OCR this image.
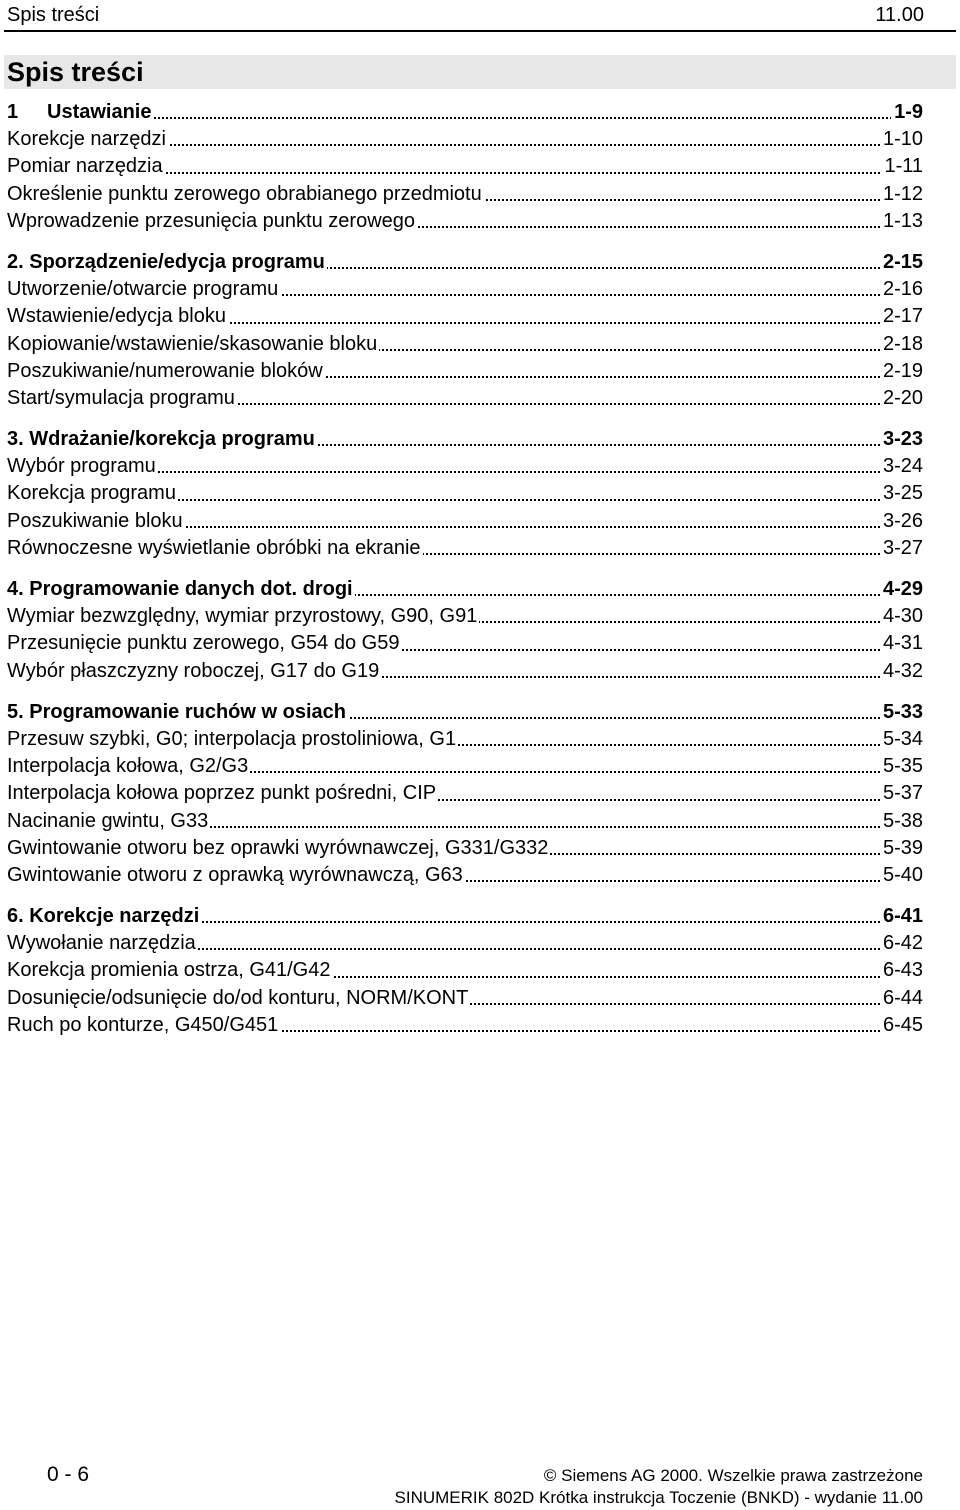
Spis treści	11.00
Spis treści
1 Ustawianie	1-9
Korekcje narzędzi	1-10
Pomiar narzędzia	1-11
Określenie punktu zerowego obrabianego przedmiotu	1-12
Wprowadzenie przesunięcia punktu zerowego	1-13
2. Sporządzenie/edycja programu	2-15
Utworzenie/otwarcie programu	2-16
Wstawienie/edycja bloku	2-17
Kopiowanie/wstawienie/skasowanie bloku	2-18
Poszukiwanie/numerowanie bloków	2-19
Start/symulacja programu	2-20
3. Wdrażanie/korekcja programu	3-23
Wybór programu	3-24
Korekcja programu	3-25
Poszukiwanie bloku	3-26
Równoczesne wyświetlanie obróbki na ekranie	3-27
4. Programowanie danych dot. drogi	4-29
Wymiar bezwzględny, wymiar przyrostowy, G90, G91	4-30
Przesunięcie punktu zerowego, G54 do G59	4-31
Wybór płaszczyzny roboczej, G17 do G19	4-32
5. Programowanie ruchów w osiach	5-33
Przesuw szybki, G0; interpolacja prostoliniowa, G1	5-34
Interpolacja kołowa, G2/G3	5-35
Interpolacja kołowa poprzez punkt pośredni, CIP	5-37
Nacinanie gwintu, G33	5-38
Gwintowanie otworu bez oprawki wyrównawczej, G331/G332	5-39
Gwintowanie otworu z oprawką wyrównawczą, G63	5-40
6. Korekcje narzędzi	6-41
Wywołanie narzędzia	6-42
Korekcja promienia ostrza, G41/G42	6-43
Dosunięcie/odsunięcie do/od konturu, NORM/KONT	6-44
Ruch po konturze, G450/G451	6-45
0 - 6	© Siemens AG 2000. Wszelkie prawa zastrzeżone
SINUMERIK 802D Krótka instrukcja Toczenie (BNKD) - wydanie 11.00
